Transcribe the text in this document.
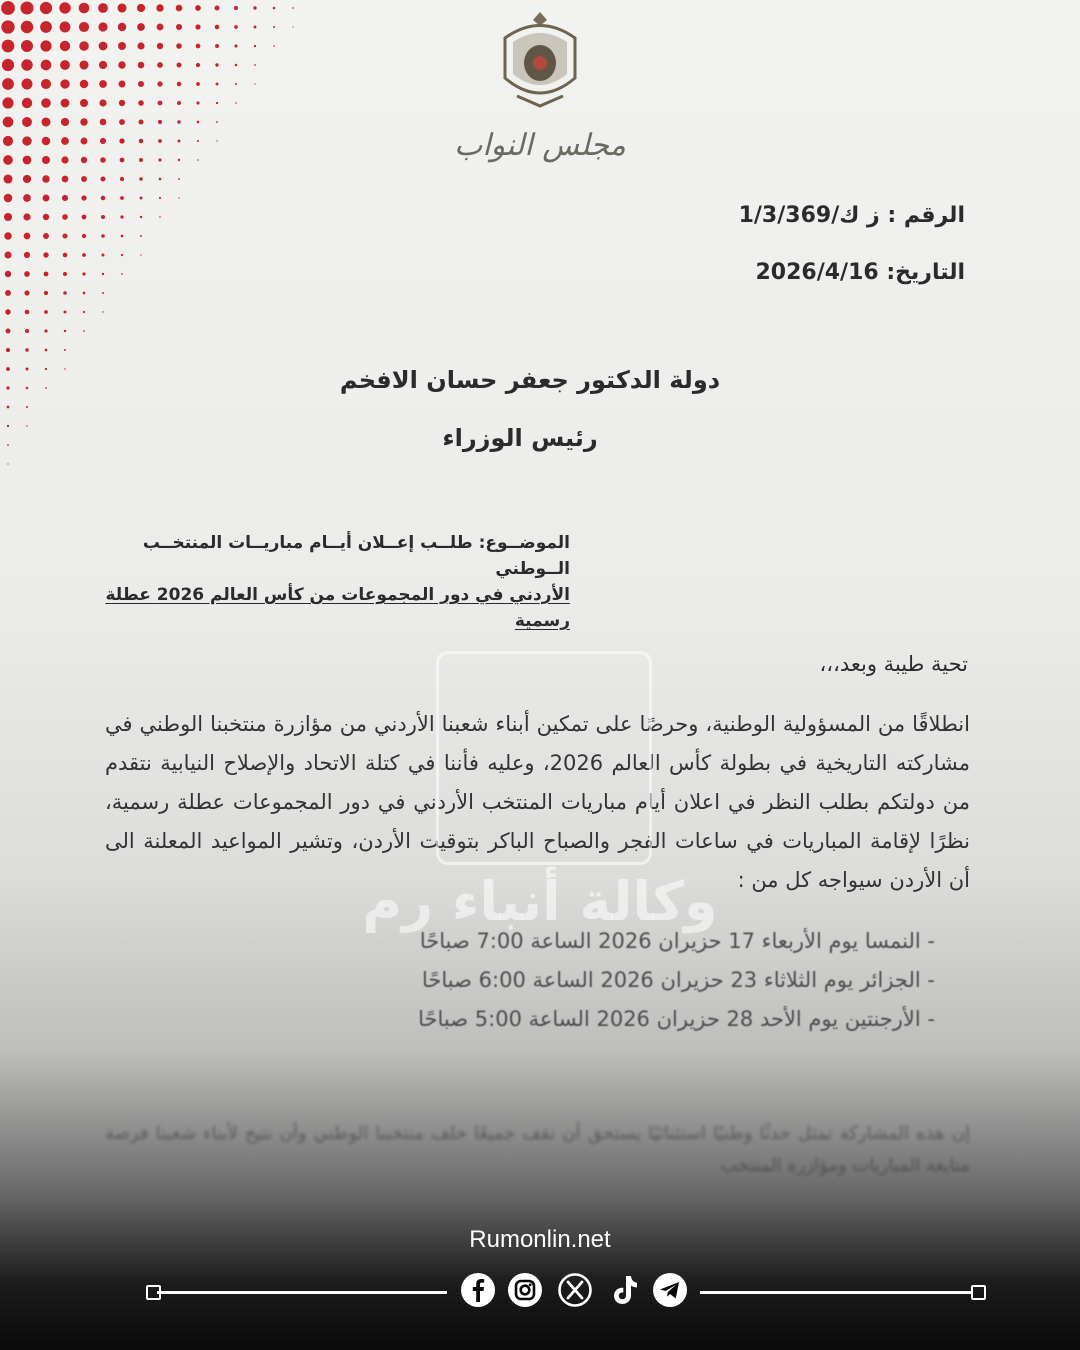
مجلس النواب
الرقم : ز ك/1/3/369
التاريخ: 2026/4/16
دولة الدكتور جعفر حسان الافخم
رئيس الوزراء
الموضــوع: طلــب إعــلان أيــام مباريــات المنتخــب الــوطني
الأردني في دور المجموعات من كأس العالم 2026 عطلة رسمية
تحية طيبة وبعد،،،
انطلاقًا من المسؤولية الوطنية، وحرصًا على تمكين أبناء شعبنا الأردني من مؤازرة منتخبنا الوطني في مشاركته التاريخية في بطولة كأس العالم 2026، وعليه فأننا في كتلة الاتحاد والإصلاح النيابية نتقدم من دولتكم بطلب النظر في اعلان أيام مباريات المنتخب الأردني في دور المجموعات عطلة رسمية، نظرًا لإقامة المباريات في ساعات الفجر والصباح الباكر بتوقيت الأردن، وتشير المواعيد المعلنة الى أن الأردن سيواجه كل من :
- النمسا يوم الأربعاء 17 حزيران 2026 الساعة 7:00 صباحًا
- الجزائر يوم الثلاثاء 23 حزيران 2026 الساعة 6:00 صباحًا
- الأرجنتين يوم الأحد 28 حزيران 2026 الساعة 5:00 صباحًا
إن هذه المشاركة تمثل حدثًا وطنيًا استثنائيًا يستحق أن نقف جميعًا خلف منتخبنا الوطني وأن نتيح لأبناء شعبنا فرصة متابعة المباريات ومؤازرة المنتخب
وكالة أنباء رم
Rumonlin.net
